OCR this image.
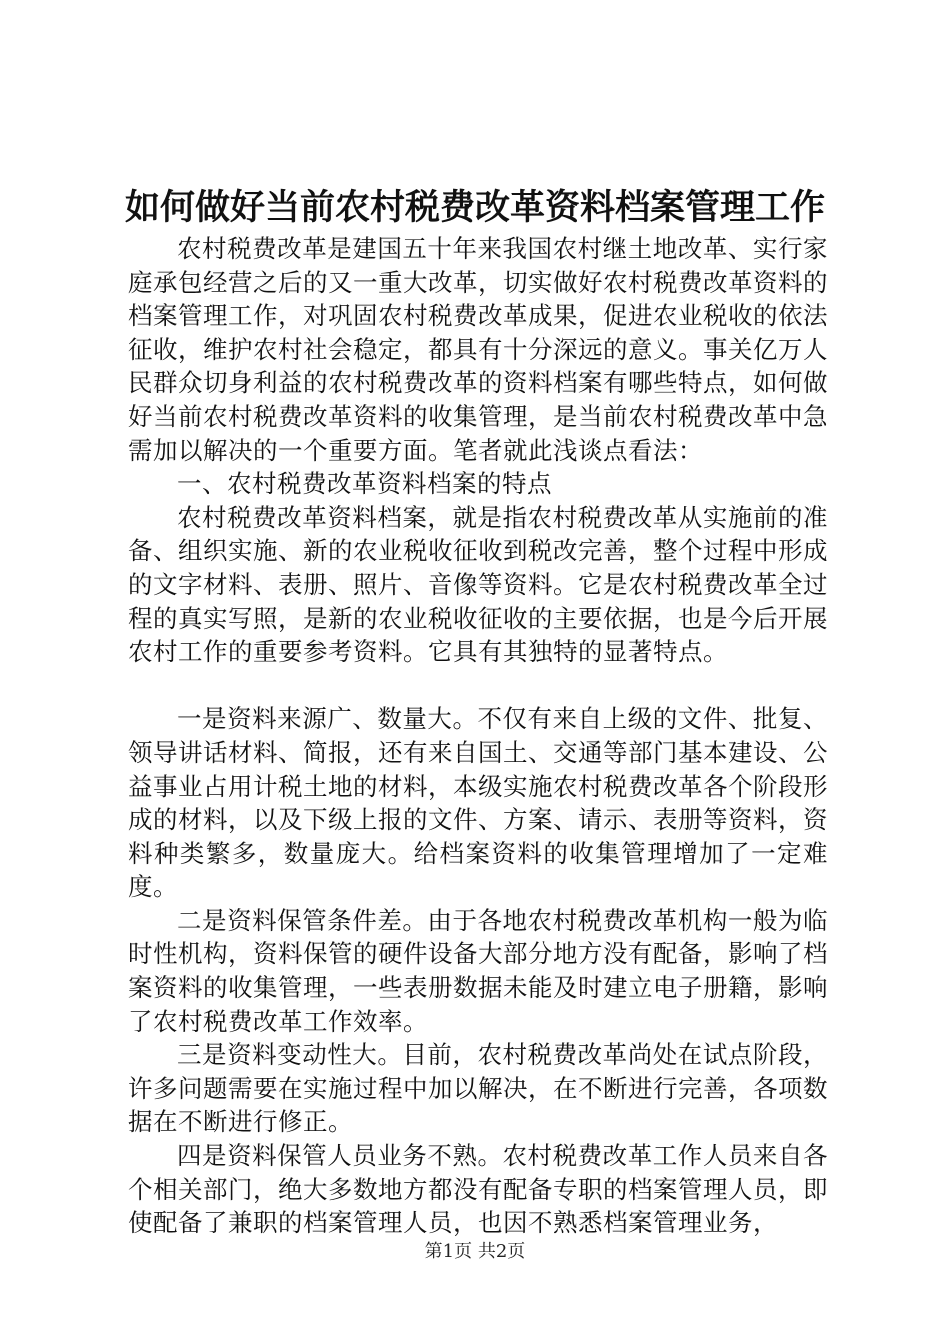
如何做好当前农村税费改革资料档案管理工作

农村税费改革是建国五十年来我国农村继土地改革、实行家庭承包经营之后的又一重大改革，切实做好农村税费改革资料的档案管理工作，对巩固农村税费改革成果，促进农业税收的依法征收，维护农村社会稳定，都具有十分深远的意义。事关亿万人民群众切身利益的农村税费改革的资料档案有哪些特点，如何做好当前农村税费改革资料的收集管理，是当前农村税费改革中急需加以解决的一个重要方面。笔者就此浅谈点看法：

一、农村税费改革资料档案的特点

农村税费改革资料档案，就是指农村税费改革从实施前的准备、组织实施、新的农业税收征收到税改完善，整个过程中形成的文字材料、表册、照片、音像等资料。它是农村税费改革全过程的真实写照，是新的农业税收征收的主要依据，也是今后开展农村工作的重要参考资料。它具有其独特的显著特点。

一是资料来源广、数量大。不仅有来自上级的文件、批复、领导讲话材料、简报，还有来自国土、交通等部门基本建设、公益事业占用计税土地的材料，本级实施农村税费改革各个阶段形成的材料，以及下级上报的文件、方案、请示、表册等资料，资料种类繁多，数量庞大。给档案资料的收集管理增加了一定难度。

二是资料保管条件差。由于各地农村税费改革机构一般为临时性机构，资料保管的硬件设备大部分地方没有配备，影响了档案资料的收集管理，一些表册数据未能及时建立电子册籍，影响了农村税费改革工作效率。

三是资料变动性大。目前，农村税费改革尚处在试点阶段，许多问题需要在实施过程中加以解决，在不断进行完善，各项数据在不断进行修正。

四是资料保管人员业务不熟。农村税费改革工作人员来自各个相关部门，绝大多数地方都没有配备专职的档案管理人员，即使配备了兼职的档案管理人员，也因不熟悉档案管理业务，

第1页 共2页
